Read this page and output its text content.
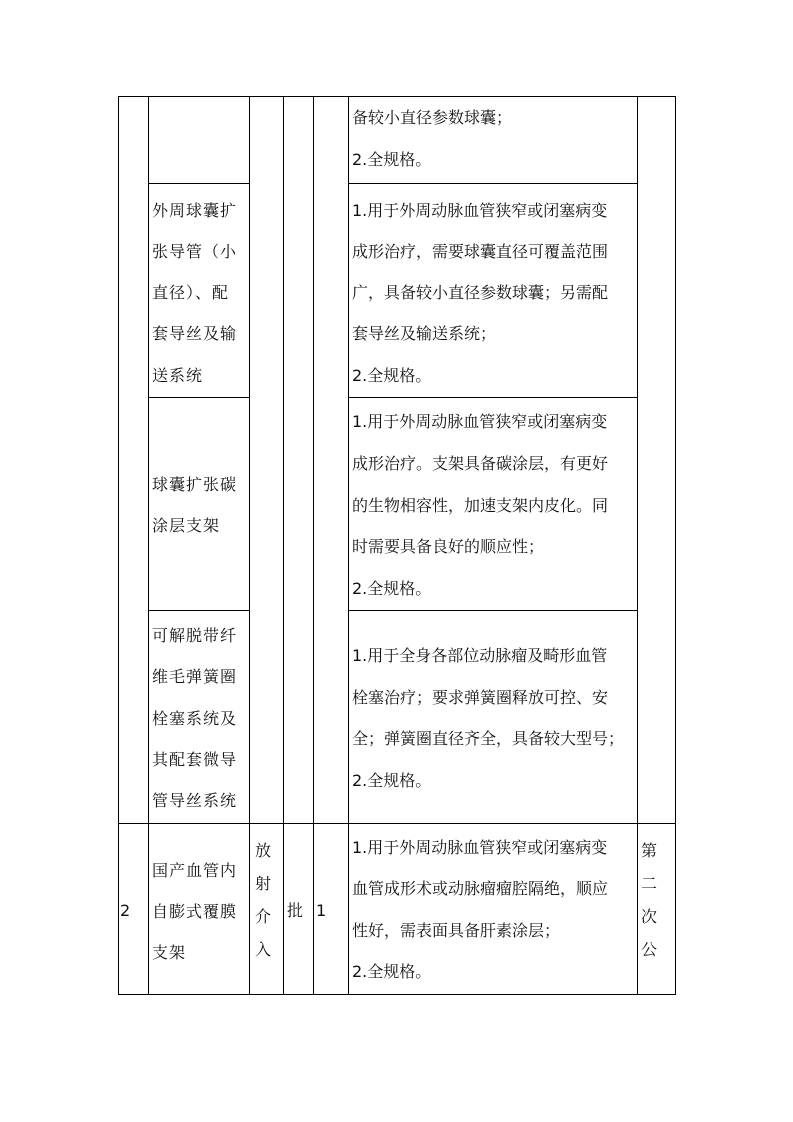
备较小直径参数球囊；
2.全规格。
外周球囊扩
张导管（小
直径）、配
套导丝及输
送系统
1.用于外周动脉血管狭窄或闭塞病变
成形治疗，需要球囊直径可覆盖范围
广，具备较小直径参数球囊；另需配
套导丝及输送系统；
2.全规格。
球囊扩张碳
涂层支架
1.用于外周动脉血管狭窄或闭塞病变
成形治疗。支架具备碳涂层，有更好
的生物相容性，加速支架内皮化。同
时需要具备良好的顺应性；
2.全规格。
可解脱带纤
维毛弹簧圈
栓塞系统及
其配套微导
管导丝系统
1.用于全身各部位动脉瘤及畸形血管
栓塞治疗；要求弹簧圈释放可控、安
全；弹簧圈直径齐全，具备较大型号；
2.全规格。
2
国产血管内
自膨式覆膜
支架
放
射
介
入
批 1
1.用于外周动脉血管狭窄或闭塞病变
血管成形术或动脉瘤瘤腔隔绝，顺应
性好，需表面具备肝素涂层；
2.全规格。
第
二
次
公
